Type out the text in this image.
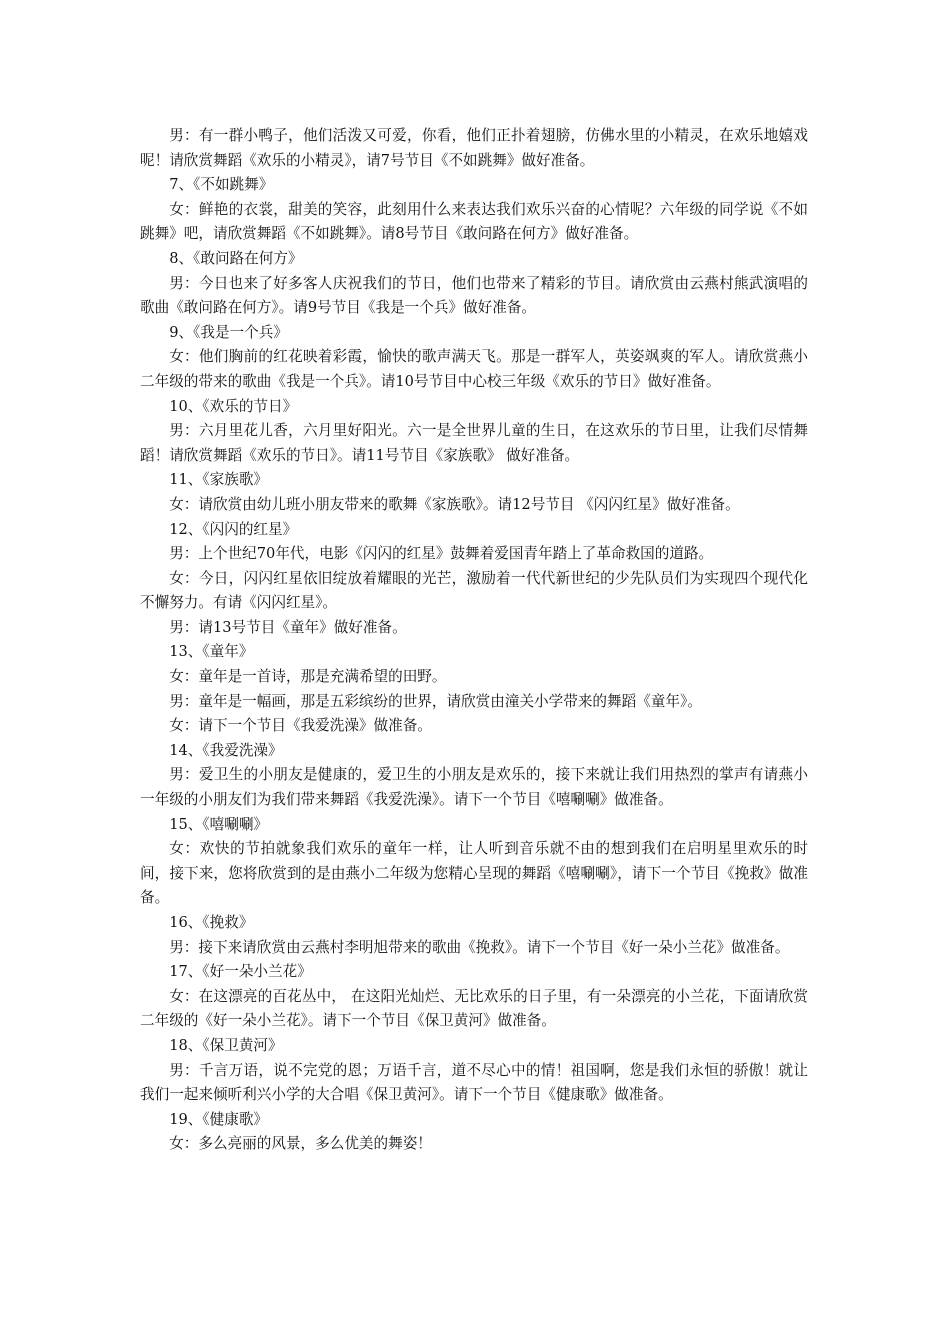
男：有一群小鸭子，他们活泼又可爱，你看，他们正扑着翅膀，仿佛水里的小精灵，在欢乐地嬉戏呢！请欣赏舞蹈《欢乐的小精灵》，请7号节目《不如跳舞》做好准备。

7、《不如跳舞》

女：鲜艳的衣裳，甜美的笑容，此刻用什么来表达我们欢乐兴奋的心情呢？六年级的同学说《不如跳舞》吧，请欣赏舞蹈《不如跳舞》。请8号节目《敢问路在何方》做好准备。

8、《敢问路在何方》

男：今日也来了好多客人庆祝我们的节日，他们也带来了精彩的节目。请欣赏由云燕村熊武演唱的歌曲《敢问路在何方》。请9号节目《我是一个兵》做好准备。

9、《我是一个兵》

女：他们胸前的红花映着彩霞，愉快的歌声满天飞。那是一群军人，英姿飒爽的军人。请欣赏燕小二年级的带来的歌曲《我是一个兵》。请10号节目中心校三年级《欢乐的节日》做好准备。

10、《欢乐的节日》

男：六月里花儿香，六月里好阳光。六一是全世界儿童的生日，在这欢乐的节日里，让我们尽情舞蹈！请欣赏舞蹈《欢乐的节日》。请11号节目《家族歌》 做好准备。

11、《家族歌》

女：请欣赏由幼儿班小朋友带来的歌舞《家族歌》。请12号节目 《闪闪红星》做好准备。

12、《闪闪的红星》

男：上个世纪70年代，电影《闪闪的红星》鼓舞着爱国青年踏上了革命救国的道路。

女：今日，闪闪红星依旧绽放着耀眼的光芒，激励着一代代新世纪的少先队员们为实现四个现代化不懈努力。有请《闪闪红星》。

男：请13号节目《童年》做好准备。

13、《童年》

女：童年是一首诗，那是充满希望的田野。

男：童年是一幅画，那是五彩缤纷的世界，请欣赏由潼关小学带来的舞蹈《童年》。

女：请下一个节目《我爱洗澡》做准备。

14、《我爱洗澡》

男：爱卫生的小朋友是健康的，爱卫生的小朋友是欢乐的，接下来就让我们用热烈的掌声有请燕小一年级的小朋友们为我们带来舞蹈《我爱洗澡》。请下一个节目《嘻唰唰》做准备。

15、《嘻唰唰》

女：欢快的节拍就象我们欢乐的童年一样，让人听到音乐就不由的想到我们在启明星里欢乐的时间，接下来，您将欣赏到的是由燕小二年级为您精心呈现的舞蹈《嘻唰唰》，请下一个节目《挽救》做准备。

16、《挽救》

男：接下来请欣赏由云燕村李明旭带来的歌曲《挽救》。请下一个节目《好一朵小兰花》做准备。

17、《好一朵小兰花》

女：在这漂亮的百花丛中， 在这阳光灿烂、无比欢乐的日子里，有一朵漂亮的小兰花，下面请欣赏二年级的《好一朵小兰花》。请下一个节目《保卫黄河》做准备。

18、《保卫黄河》

男：千言万语，说不完党的恩；万语千言，道不尽心中的情！祖国啊，您是我们永恒的骄傲！就让我们一起来倾听利兴小学的大合唱《保卫黄河》。请下一个节目《健康歌》做准备。

19、《健康歌》

女：多么亮丽的风景，多么优美的舞姿！
